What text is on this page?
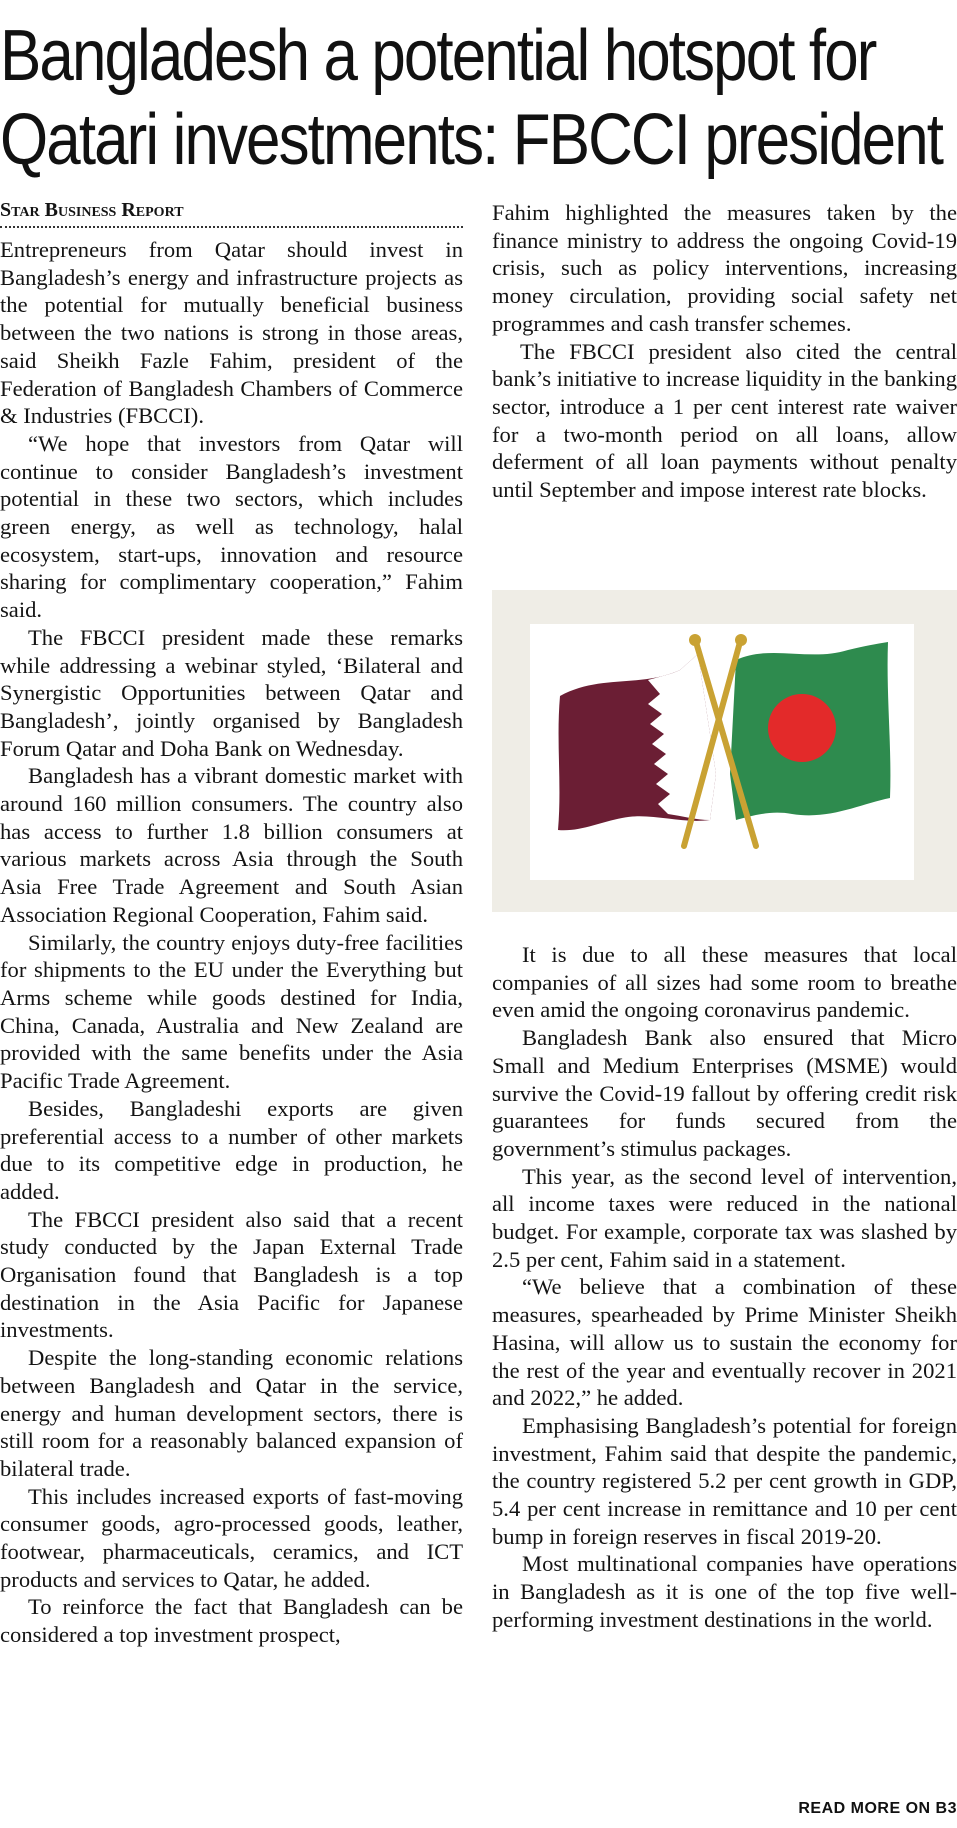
Bangladesh a potential hotspot for
Qatari investments: FBCCI president
Star Business Report

Entrepreneurs from Qatar should invest in Bangladesh’s energy and infrastructure projects as the potential for mutually beneficial business between the two nations is strong in those areas, said Sheikh Fazle Fahim, president of the Federation of Bangladesh Chambers of Commerce & Industries (FBCCI).

“We hope that investors from Qatar will continue to consider Bangladesh’s investment potential in these two sectors, which includes green energy, as well as technology, halal ecosystem, start-ups, innovation and resource sharing for complimentary cooperation,” Fahim said.

The FBCCI president made these remarks while addressing a webinar styled, ‘Bilateral and Synergistic Opportunities between Qatar and Bangladesh’, jointly organised by Bangladesh Forum Qatar and Doha Bank on Wednesday.

Bangladesh has a vibrant domestic market with around 160 million consumers. The country also has access to further 1.8 billion consumers at various markets across Asia through the South Asia Free Trade Agreement and South Asian Association Regional Cooperation, Fahim said.

Similarly, the country enjoys duty-free facilities for shipments to the EU under the Everything but Arms scheme while goods destined for India, China, Canada, Australia and New Zealand are provided with the same benefits under the Asia Pacific Trade Agreement.

Besides, Bangladeshi exports are given preferential access to a number of other markets due to its competitive edge in production, he added.

The FBCCI president also said that a recent study conducted by the Japan External Trade Organisation found that Bangladesh is a top destination in the Asia Pacific for Japanese investments.

Despite the long-standing economic relations between Bangladesh and Qatar in the service, energy and human development sectors, there is still room for a reasonably balanced expansion of bilateral trade.

This includes increased exports of fast-moving consumer goods, agro-processed goods, leather, footwear, pharmaceuticals, ceramics, and ICT products and services to Qatar, he added.

To reinforce the fact that Bangladesh can be considered a top investment prospect,

Fahim highlighted the measures taken by the finance ministry to address the ongoing Covid-19 crisis, such as policy interventions, increasing money circulation, providing social safety net programmes and cash transfer schemes.

The FBCCI president also cited the central bank’s initiative to increase liquidity in the banking sector, introduce a 1 per cent interest rate waiver for a two-month period on all loans, allow deferment of all loan payments without penalty until September and impose interest rate blocks.

It is due to all these measures that local companies of all sizes had some room to breathe even amid the ongoing coronavirus pandemic.

Bangladesh Bank also ensured that Micro Small and Medium Enterprises (MSME) would survive the Covid-19 fallout by offering credit risk guarantees for funds secured from the government’s stimulus packages.

This year, as the second level of intervention, all income taxes were reduced in the national budget. For example, corporate tax was slashed by 2.5 per cent, Fahim said in a statement.

“We believe that a combination of these measures, spearheaded by Prime Minister Sheikh Hasina, will allow us to sustain the economy for the rest of the year and eventually recover in 2021 and 2022,” he added.

Emphasising Bangladesh’s potential for foreign investment, Fahim said that despite the pandemic, the country registered 5.2 per cent growth in GDP, 5.4 per cent increase in remittance and 10 per cent bump in foreign reserves in fiscal 2019-20.

Most multinational companies have operations in Bangladesh as it is one of the top five well-performing investment destinations in the world.

READ MORE ON B3
